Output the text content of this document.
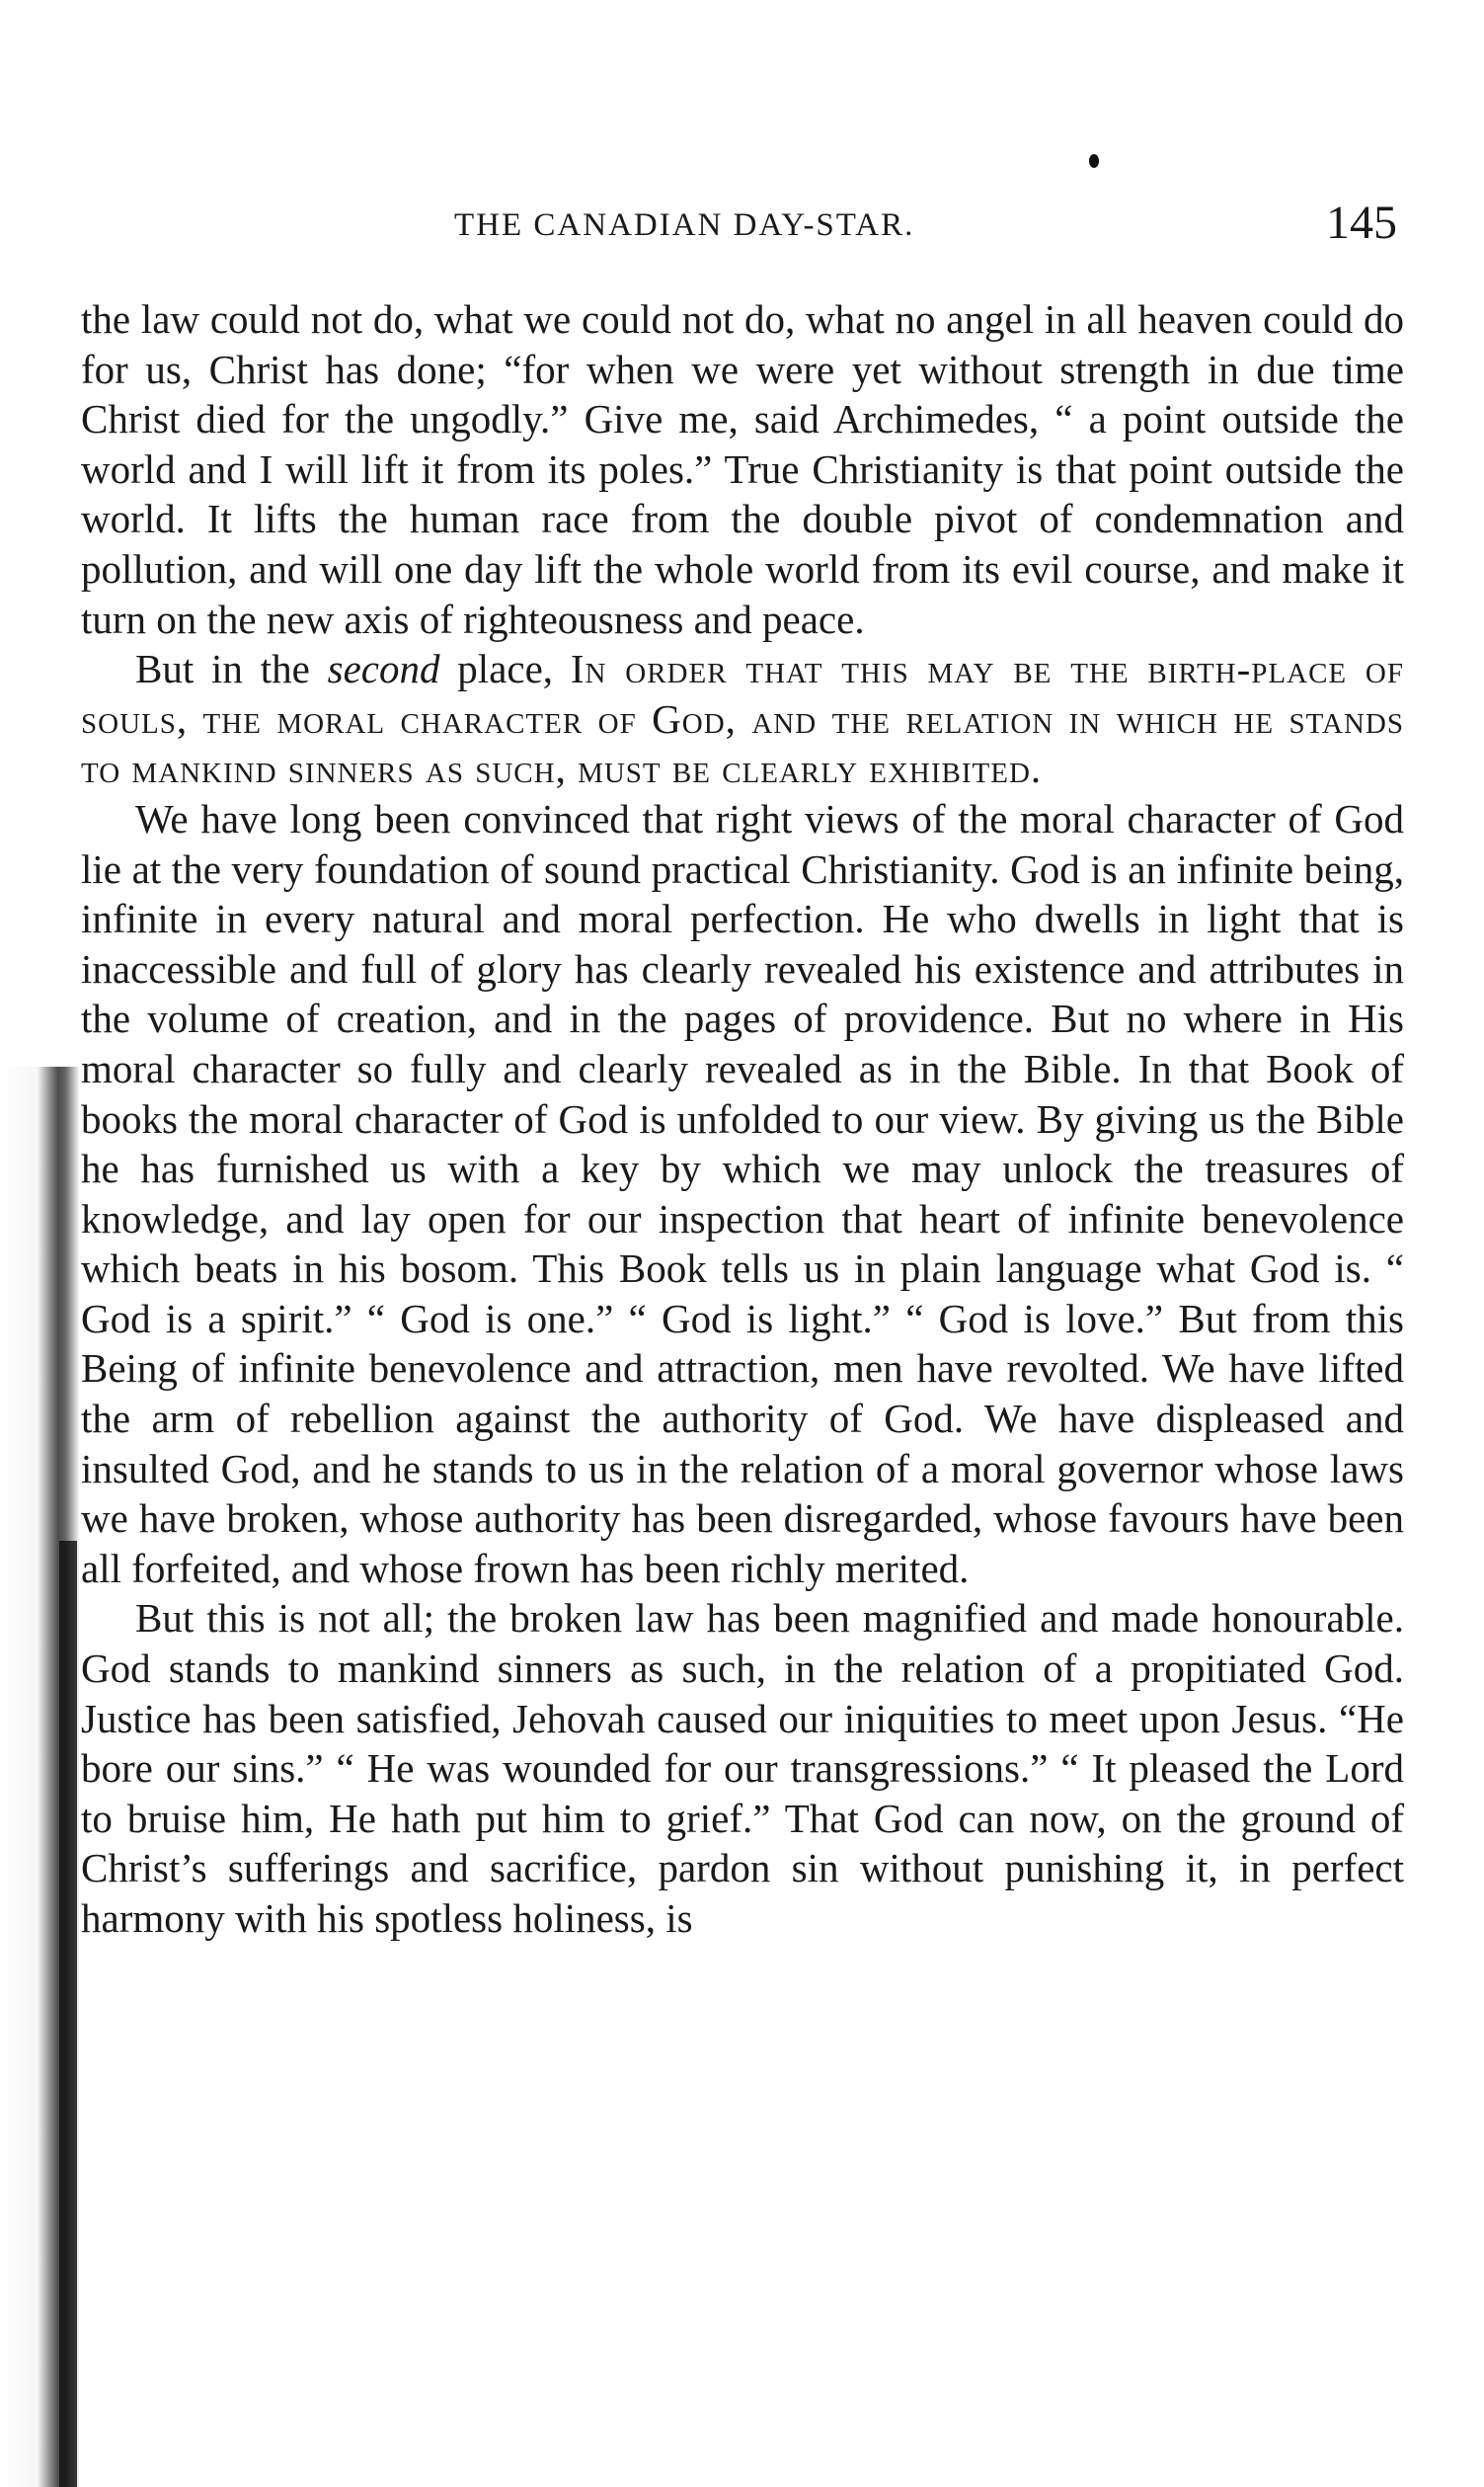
THE CANADIAN DAY-STAR.	145

the law could not do, what we could not do, what no angel in all heaven could do for us, Christ has done; “for when we were yet without strength in due time Christ died for the ungodly.” Give me, said Archimedes, “ a point outside the world and I will lift it from its poles.” True Christianity is that point outside the world. It lifts the human race from the double pivot of condemnation and pollution, and will one day lift the whole world from its evil course, and make it turn on the new axis of righteousness and peace.

But in the second place, In order that this may be the birth-place of souls, the moral character of God, and the relation in which he stands to mankind sinners as such, must be clearly exhibited.

We have long been convinced that right views of the moral character of God lie at the very foundation of sound practical Christianity. God is an infinite being, infinite in every natural and moral perfection. He who dwells in light that is inaccessible and full of glory has clearly revealed his existence and attributes in the volume of creation, and in the pages of providence. But no where in His moral character so fully and clearly revealed as in the Bible. In that Book of books the moral character of God is unfolded to our view. By giving us the Bible he has furnished us with a key by which we may unlock the treasures of knowledge, and lay open for our inspection that heart of infinite benevolence which beats in his bosom. This Book tells us in plain language what God is. “ God is a spirit.” “ God is one.” “ God is light.” “ God is love.” But from this Being of infinite benevolence and attraction, men have revolted. We have lifted the arm of rebellion against the authority of God. We have displeased and insulted God, and he stands to us in the relation of a moral governor whose laws we have broken, whose authority has been disregarded, whose favours have been all forfeited, and whose frown has been richly merited.

But this is not all; the broken law has been magnified and made honourable. God stands to mankind sinners as such, in the relation of a propitiated God. Justice has been satisfied, Jehovah caused our iniquities to meet upon Jesus. “He bore our sins.” “ He was wounded for our transgressions.” “ It pleased the Lord to bruise him, He hath put him to grief.” That God can now, on the ground of Christ’s sufferings and sacrifice, pardon sin without punishing it, in perfect harmony with his spotless holiness, is
